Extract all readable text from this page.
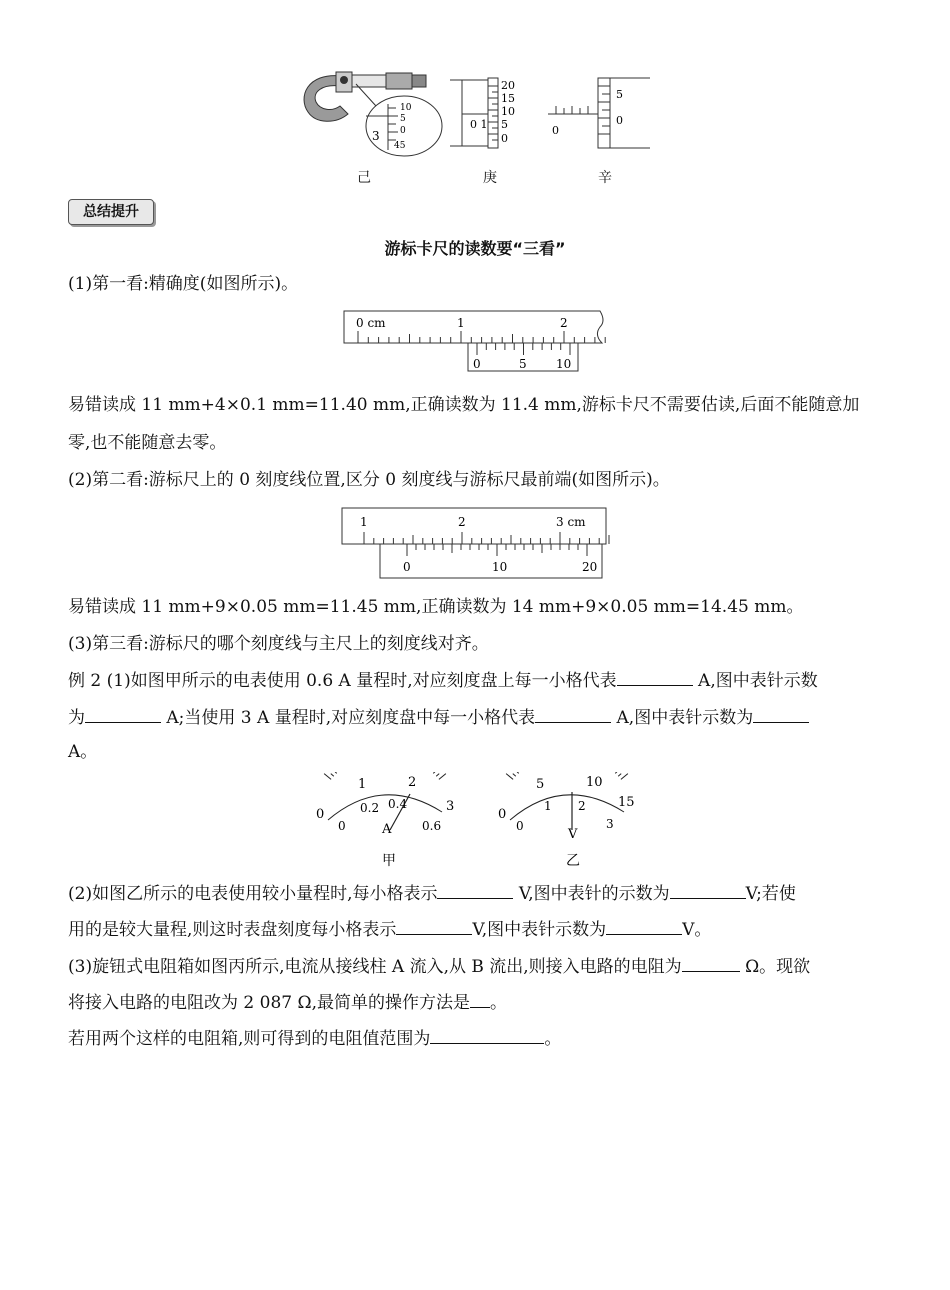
10
5
0
45
3
20
15
10
5
0
0 1
5
0
0
己	庚	辛
总结提升
游标卡尺的读数要“三看”
(1)第一看:精确度(如图所示)。
0 cm	1	2
0	5 10
易错读成 11 mm+4×0.1 mm=11.40 mm,正确读数为 11.4 mm,游标卡尺不需要估读,后面不能随意加
零,也不能随意去零。
(2)第二看:游标尺上的 0 刻度线位置,区分 0 刻度线与游标尺最前端(如图所示)。
1	2	3 cm
0	10	20
易错读成 11 mm+9×0.05 mm=11.45 mm,正确读数为 14 mm+9×0.05 mm=14.45 mm。
(3)第三看:游标尺的哪个刻度线与主尺上的刻度线对齐。
例 2 (1)如图甲所示的电表使用 0.6 A 量程时,对应刻度盘上每一小格代表	A,图中表针示数
为	A;当使用 3 A 量程时,对应刻度盘中每一小格代表	A,图中表针示数为
A。
0
1	2
3
0
0.2 0.4
0.6
A
甲
0
5	10
15
0
1 2
3
V
乙
(2)如图乙所示的电表使用较小量程时,每小格表示	V,图中表针的示数为	V;若使
用的是较大量程,则这时表盘刻度每小格表示	V,图中表针示数为	V。
(3)旋钮式电阻箱如图丙所示,电流从接线柱 A 流入,从 B 流出,则接入电路的电阻为	Ω。现欲
将接入电路的电阻改为 2 087 Ω,最简单的操作方法是 。
若用两个这样的电阻箱,则可得到的电阻值范围为	。
